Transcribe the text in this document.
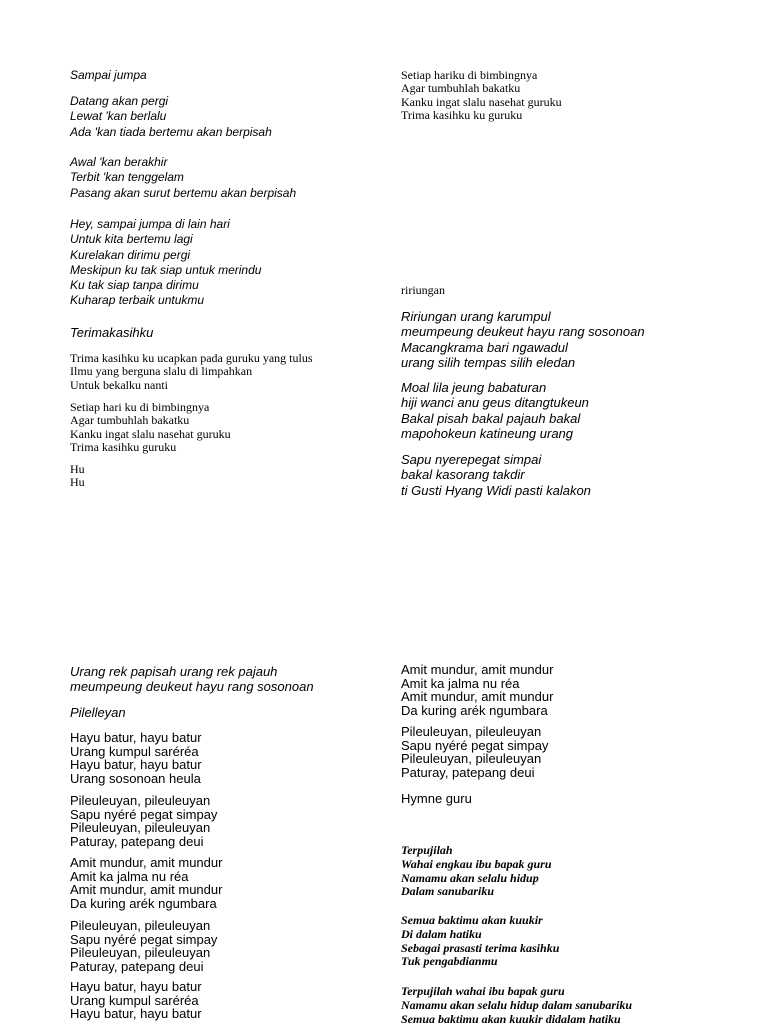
Sampai jumpa
Datang akan pergi
Lewat 'kan berlalu
Ada 'kan tiada bertemu akan berpisah
Awal 'kan berakhir
Terbit 'kan tenggelam
Pasang akan surut bertemu akan berpisah
Hey, sampai jumpa di lain hari
Untuk kita bertemu lagi
Kurelakan dirimu pergi
Meskipun ku tak siap untuk merindu
Ku tak siap tanpa dirimu
Kuharap terbaik untukmu
Terimakasihku
Trima kasihku ku ucapkan pada guruku yang tulus
Ilmu yang berguna slalu di limpahkan
Untuk bekalku nanti
Setiap hari ku di bimbingnya
Agar tumbuhlah bakatku
Kanku ingat slalu nasehat guruku
Trima kasihku guruku
Hu
Hu
Setiap hariku di bimbingnya
Agar tumbuhlah bakatku
Kanku ingat slalu nasehat guruku
Trima kasihku ku guruku
ririungan
Ririungan urang karumpul
meumpeung deukeut hayu rang sosonoan
Macangkrama bari ngawadul
urang silih tempas silih eledan
Moal lila jeung babaturan
hiji wanci anu geus ditangtukeun
Bakal pisah bakal pajauh bakal
mapohokeun katineung urang
Sapu nyerepegat simpai
bakal kasorang takdir
ti Gusti Hyang Widi pasti kalakon
Urang rek papisah urang rek pajauh
meumpeung deukeut hayu rang sosonoan
Pilelleyan
Hayu batur, hayu batur
Urang kumpul saréréa
Hayu batur, hayu batur
Urang sosonoan heula
Pileuleuyan, pileuleuyan
Sapu nyéré pegat simpay
Pileuleuyan, pileuleuyan
Paturay, patepang deui
Amit mundur, amit mundur
Amit ka jalma nu réa
Amit mundur, amit mundur
Da kuring arék ngumbara
Pileuleuyan, pileuleuyan
Sapu nyéré pegat simpay
Pileuleuyan, pileuleuyan
Paturay, patepang deui
Hayu batur, hayu batur
Urang kumpul saréréa
Hayu batur, hayu batur
Amit mundur, amit mundur
Amit ka jalma nu réa
Amit mundur, amit mundur
Da kuring arék ngumbara
Pileuleuyan, pileuleuyan
Sapu nyéré pegat simpay
Pileuleuyan, pileuleuyan
Paturay, patepang deui
Hymne guru
Terpujilah
Wahai engkau ibu bapak guru
Namamu akan selalu hidup
Dalam sanubariku
Semua baktimu akan kuukir
Di dalam hatiku
Sebagai prasasti terima kasihku
Tuk pengabdianmu
Terpujilah wahai ibu bapak guru
Namamu akan selalu hidup dalam sanubariku
Semua baktimu akan kuukir didalam hatiku
